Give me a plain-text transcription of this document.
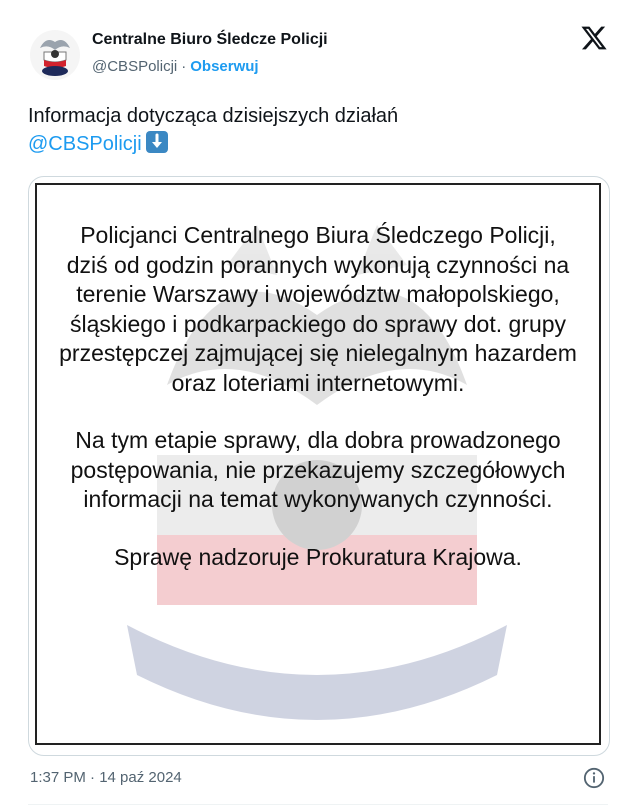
Centralne Biuro Śledcze Policji
@CBSPolicji · Obserwuj
Informacja dotycząca dzisiejszych działań
@CBSPolicji

Policjanci Centralnego Biura Śledczego Policji, dziś od godzin porannych wykonują czynności na terenie Warszawy i województw małopolskiego, śląskiego i podkarpackiego do sprawy dot. grupy przestępczej zajmującej się nielegalnym hazardem oraz loteriami internetowymi.

Na tym etapie sprawy, dla dobra prowadzonego postępowania, nie przekazujemy szczegółowych informacji na temat wykonywanych czynności.

Sprawę nadzoruje Prokuratura Krajowa.

1:37 PM · 14 paź 2024
